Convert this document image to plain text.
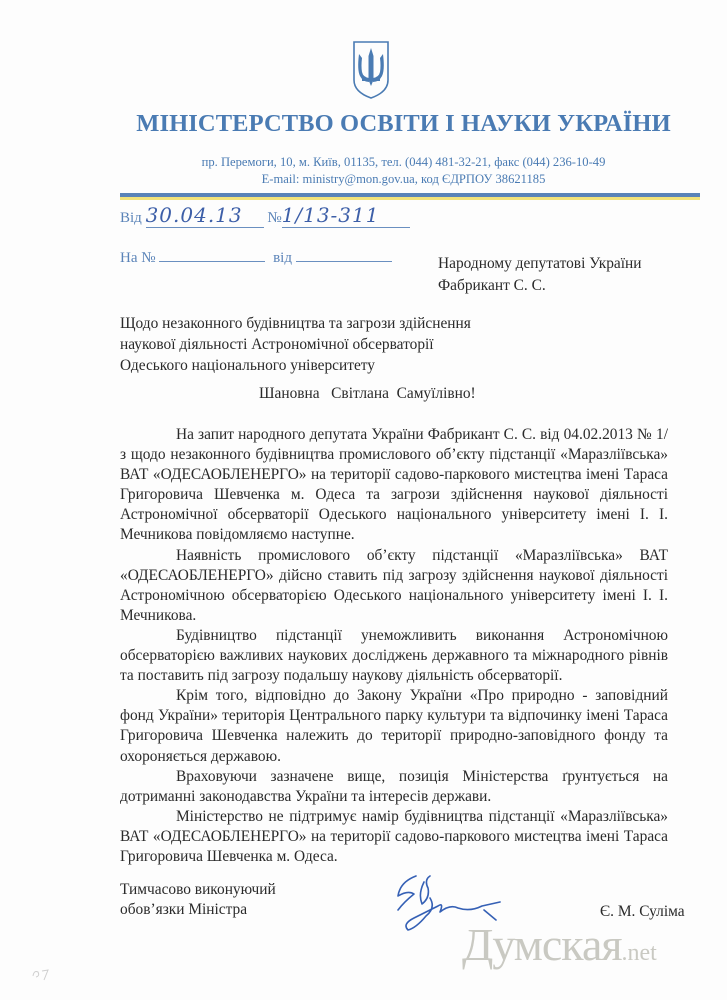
МІНІСТЕРСТВО ОСВІТИ І НАУКИ УКРАЇНИ
пр. Перемоги, 10, м. Київ, 01135, тел. (044) 481-32-21, факс (044) 236-10-49
E-mail: ministry@mon.gov.ua, код ЄДРПОУ 38621185
Від 30.04.13 №1/13-311
На №	від	Народному депутатові України
Фабрикант С. С.
Щодо незаконного будівництва та загрози здійснення
наукової діяльності Астрономічної обсерваторії
Одеського національного університету
Шановна   Світлана  Самуїлівно!

На запит народного депутата України Фабрикант С. С. від 04.02.2013 № 1/з щодо незаконного будівництва промислового об’єкту підстанції «Маразліївська» ВАТ «ОДЕСАОБЛЕНЕРГО» на території садово-паркового мистецтва імені Тараса Григоровича Шевченка м. Одеса та загрози здійснення наукової діяльності Астрономічної обсерваторії Одеського національного університету імені І. І. Мечникова повідомляємо наступне.

Наявність промислового об’єкту підстанції «Маразліївська» ВАТ «ОДЕСАОБЛЕНЕРГО» дійсно ставить під загрозу здійснення наукової діяльності Астрономічною обсерваторією Одеського національного університету імені І. І. Мечникова.

Будівництво підстанції унеможливить виконання Астрономічною обсерваторією важливих наукових досліджень державного та міжнародного рівнів та поставить під загрозу подальшу наукову діяльність обсерваторії.

Крім того, відповідно до Закону України «Про природно - заповідний фонд України» територія Центрального парку культури та відпочинку імені Тараса Григоровича Шевченка належить до території природно-заповідного фонду та охороняється державою.

Враховуючи зазначене вище, позиція Міністерства ґрунтується на дотриманні законодавства України та інтересів держави.

Міністерство не підтримує намір будівництва підстанції «Маразліївська» ВАТ «ОДЕСАОБЛЕНЕРГО» на території садово-паркового мистецтва імені Тараса Григоровича Шевченка м. Одеса.

Тимчасово виконуючий
обов’язки Міністра	Є. М. Суліма
Думская.net
